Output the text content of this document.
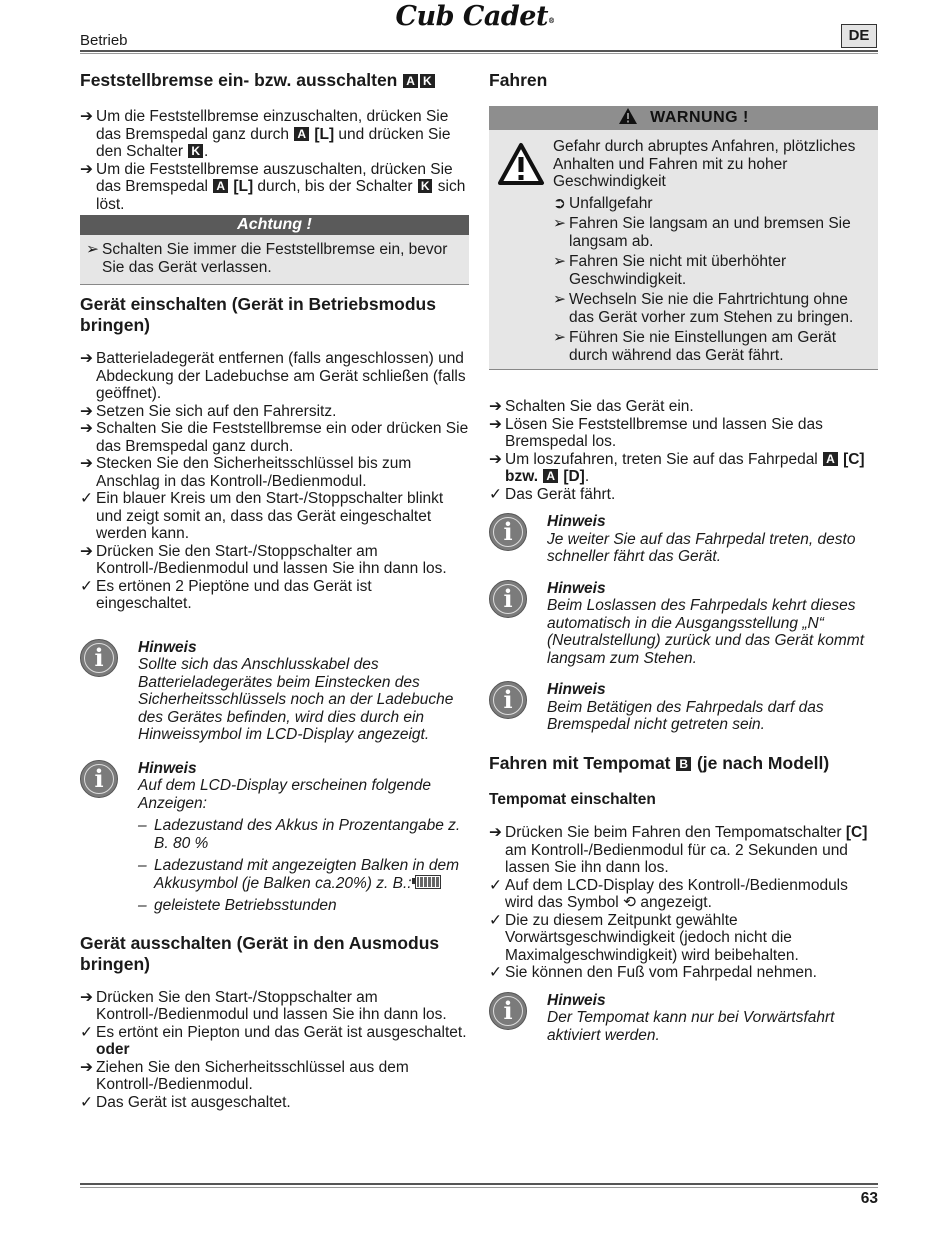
Cub Cadet®
Betrieb	DE

Feststellbremse ein- bzw. ausschalten A K

➔ Um die Feststellbremse einzuschalten, drücken Sie das Bremspedal ganz durch A [L] und drücken Sie den Schalter K .
➔ Um die Feststellbremse auszuschalten, drücken Sie das Bremspedal A [L] durch, bis der Schalter K sich löst.
Achtung !
➢ Schalten Sie immer die Feststellbremse ein, bevor Sie das Gerät verlassen.

Gerät einschalten (Gerät in Betriebsmodus bringen)

➔ Batterieladegerät entfernen (falls angeschlossen) und Abdeckung der Ladebuchse am Gerät schließen (falls geöffnet).
➔ Setzen Sie sich auf den Fahrersitz.
➔ Schalten Sie die Feststellbremse ein oder drücken Sie das Bremspedal ganz durch.
➔ Stecken Sie den Sicherheitsschlüssel bis zum Anschlag in das Kontroll-/Bedienmodul.
✓ Ein blauer Kreis um den Start-/Stoppschalter blinkt und zeigt somit an, dass das Gerät eingeschaltet werden kann.
➔ Drücken Sie den Start-/Stoppschalter am Kontroll-/Bedienmodul und lassen Sie ihn dann los.
✓ Es ertönen 2 Pieptöne und das Gerät ist eingeschaltet.
i	Hinweis
Sollte sich das Anschlusskabel des Batterieladegerätes beim Einstecken des Sicherheitsschlüssels noch an der Ladebuche des Gerätes befinden, wird dies durch ein Hinweissymbol im LCD-Display angezeigt.
i	Hinweis
Auf dem LCD-Display erscheinen folgende Anzeigen:
– Ladezustand des Akkus in Prozentangabe z. B. 80 %
– Ladezustand mit angezeigten Balken in dem Akkusymbol (je Balken ca.20%) z. B.:
– geleistete Betriebsstunden

Gerät ausschalten (Gerät in den Ausmodus bringen)

➔ Drücken Sie den Start-/Stoppschalter am Kontroll-/Bedienmodul und lassen Sie ihn dann los.
✓ Es ertönt ein Piepton und das Gerät ist ausgeschaltet.
oder
➔ Ziehen Sie den Sicherheitsschlüssel aus dem Kontroll-/Bedienmodul.
✓ Das Gerät ist ausgeschaltet.

Fahren

WARNUNG !
Gefahr durch abruptes Anfahren, plötzliches Anhalten und Fahren mit zu hoher Geschwindigkeit
➲ Unfallgefahr
➢ Fahren Sie langsam an und bremsen Sie langsam ab.
➢ Fahren Sie nicht mit überhöhter Geschwindigkeit.
➢ Wechseln Sie nie die Fahrtrichtung ohne das Gerät vorher zum Stehen zu bringen.
➢ Führen Sie nie Einstellungen am Gerät durch während das Gerät fährt.
➔ Schalten Sie das Gerät ein.
➔ Lösen Sie Feststellbremse und lassen Sie das Bremspedal los.
➔ Um loszufahren, treten Sie auf das Fahrpedal A [C] bzw. A [D].
✓ Das Gerät fährt.
i	Hinweis
Je weiter Sie auf das Fahrpedal treten, desto schneller fährt das Gerät.
i	Hinweis
Beim Loslassen des Fahrpedals kehrt dieses automatisch in die Ausgangsstellung „N“ (Neutralstellung) zurück und das Gerät kommt langsam zum Stehen.
i	Hinweis
Beim Betätigen des Fahrpedals darf das Bremspedal nicht getreten sein.

Fahren mit Tempomat B (je nach Modell)

Tempomat einschalten

➔ Drücken Sie beim Fahren den Tempomatschalter [C] am Kontroll-/Bedienmodul für ca. 2 Sekunden und lassen Sie ihn dann los.
✓ Auf dem LCD-Display des Kontroll-/Bedienmoduls wird das Symbol ⟲ angezeigt.
✓ Die zu diesem Zeitpunkt gewählte Vorwärtsgeschwindigkeit (jedoch nicht die Maximalgeschwindigkeit) wird beibehalten.
✓ Sie können den Fuß vom Fahrpedal nehmen.
i	Hinweis
Der Tempomat kann nur bei Vorwärtsfahrt aktiviert werden.
63
